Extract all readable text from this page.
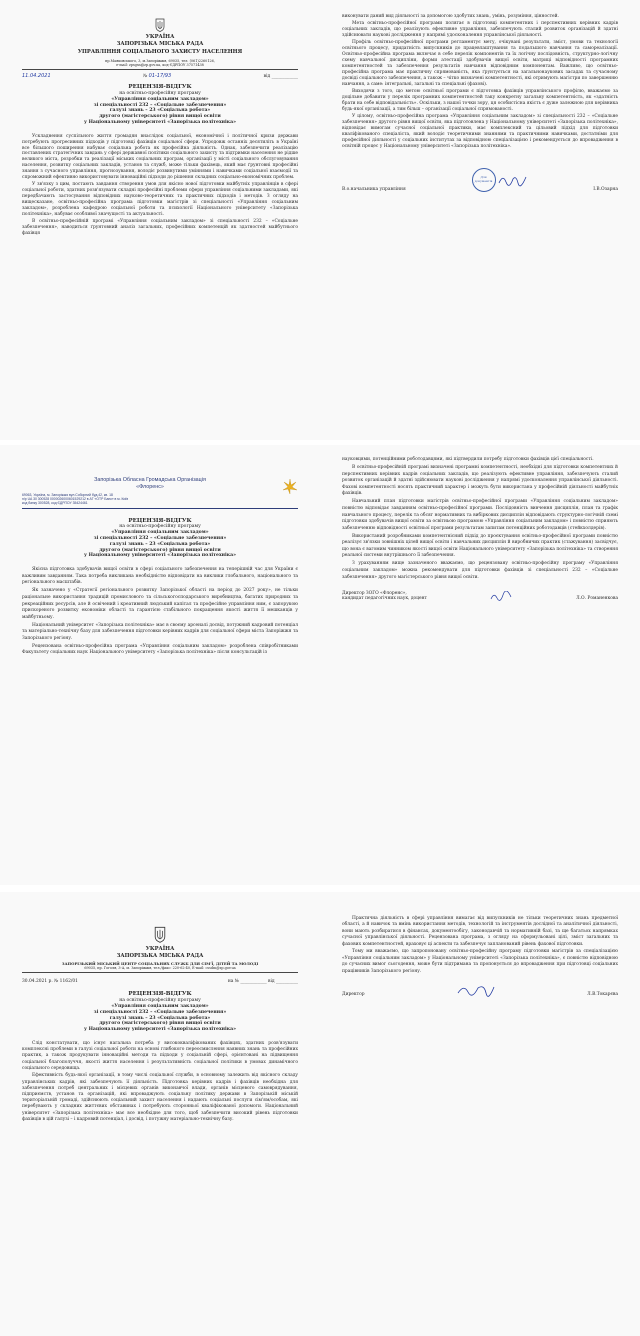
УКРАЇНА
ЗАПОРІЗЬКА МІСЬКА РАДА
УПРАВЛІННЯ СОЦІАЛЬНОГО ЗАХИСТУ НАСЕЛЕННЯ
пр.Маяковського, 3, м.Запоріжжя, 69035, тел. (061)2260126,
e-mail: zpsgsn@zp.gov.ua, код ЄДРПОУ 37571438
11.04.2021	№ 01-17/93	від ____________
РЕЦЕНЗІЯ-ВІДГУК
на освітньо-професійну програму
«Управління соціальним закладом»
зі спеціальності 232 – «Соціальне забезпечення»
галузі знань – 23 «Соціальна робота»
другого (магістерського) рівня вищої освіти
у Національному університеті «Запорізька політехніка»

Ускладнення суспільного життя громадян внаслідок соціальної, економічної і політичної кризи держави потребують прогресивних підходів у підготовці фахівців соціальної сфери. Упродовж останніх десятиліть в Україні все більшого поширення набуває соціальна робота як професійна діяльність. Однак, забезпечити реалізацію поставлених стратегічних завдань у сфері державної політики соціального захисту та підтримки населення не рідше великого міста, розробки та реалізації міських соціальних програм, організації у місті соціального обслуговування населення, розвитку соціальних закладів, установ та служб, може тільки фахівець, який має ґрунтовні професійні знання з сучасного управління, прогнозування, володіє розвинутими уміннями і навичками соціальної взаємодії та спроможний ефективно використовувати інноваційні підходи до рішення складних соціально-економічних проблем.

У зв'язку з цим, постають завдання створення умов для якісно нової підготовки майбутніх управлінців в сфері соціальної роботи, здатних розв'язувати складні професійні проблеми сфери управління соціальними закладами, які передбачають застосування відповідних науково-теоретичних та практичних підходів і методів. З огляду на вищесказане, освітньо-професійна програма підготовки магістрів зі спеціальності «Управління соціальним закладом», розроблена кафедрою соціальної роботи та психології Національного університету «Запорізька політехніка», набуває особливої значущості та актуальності.

В освітньо-професійній програмі «Управління соціальним закладом» зі спеціальності 232 – «Соціальне забезпечення», наводиться ґрунтовний аналіз загальних, професійних компетенцій як здатностей майбутнього фахівця

виконувати даний вид діяльності за допомогою здобутих знань, умінь, розуміння, цінностей.

Мета освітньо-професійної програми полягає в підготовці компетентних і перспективних керівних кадрів соціальних закладів, що реалізують ефективне управління, забезпечують сталий розвиток організацій й здатні здійснювати наукові дослідження у напрямі удосконалення управлінської діяльності.

Профіль освітньо-професійної програми регламентує мету, очікувані результати, зміст, умови та технології освітнього процесу, придатність випускників до працевлаштування та подальшого навчання та самореалізації. Освітньо-професійна програма включає в себе перелік компонентів та їх логічну послідовність, структурно-логічну схему навчальної дисципліни, форми атестації здобувачів вищої освіти, матриці відповідності програмних компетентностей та забезпечення результатів навчання відповідним компонентам. Важливо, що освітньо-професійна програма має практичну спрямованість, яка ґрунтується на загальнонаукових засадах та сучасному досвіді соціального забезпечення, а також – чітко визначені компетентності, які отримують магістри по завершенню навчання, а саме: інтегральні, загальні та спеціальні (фахові).

Виходячи з того, що метою освітньої програми є підготовка фахівців управлінського профілю, вважаємо за доцільне добавити у перелік програмних компетентностей таку конкретну загальну компетентність, як «здатність брати на себе відповідальність». Оскільки, з нашої точки зору, ця особистісна якість є дуже залежною для керівника будь-якої організації, а тим більш – організації соціальної спрямованості.

У цілому, освітньо-професійна програма «Управління соціальним закладом» зі спеціальності 232 – «Соціальне забезпечення» другого рівня вищої освіти, яка підготовлена у Національному університеті «Запорізька політехніка», відповідає вимогам сучасної соціальної практики, має комплексний та цільовий підхід для підготовки кваліфікованого спеціаліста, який володіє теоретичними знаннями та практичними навичками, достатніми для професійної діяльності у соціальних інститутах за відповідною спеціалізацією і рекомендується до впровадження в освітній процес у Національному університеті «Запорізька політехніка».

В.о.начальника управління
Для документів
І.В.Озарна
Запорізька Обласна Громадська Організація
«Флоренс»
69063, Україна, м. Запоріжжя вул.Соборний буд.42, кв. 18
п/р UA 30 300528 0000026000601529212 в AT «OTP Банк» в м. Київ
код банку 300528, код ЄДРПОУ 35424461
РЕЦЕНЗІЯ-ВІДГУК
на освітньо-професійну програму
«Управління соціальним закладом»
зі спеціальності 232 – «Соціальне забезпечення»
галузі знань – 23 «Соціальна робота»
другого (магістерського) рівня вищої освіти
у Національному університеті «Запорізька політехніка»

Якісна підготовка здобувачів вищої освіти в сфері соціального забезпечення на теперішній час для України є важливим завданням. Така потреба викликана необхідністю відповідати на виклики глобального, національного та регіонального масштабів.

Як зазначено у «Стратегії регіонального розвитку Запорізької області на період до 2027 року», не тільки раціональне використання традицій промислового та сільськогосподарського виробництва, багатих природних та рекреаційних ресурсів, але й освічений і креативний людський капітал та професійне управління ним, є запорукою прискореного розвитку економіки області та гарантією стабільного покращення якості життя її мешканців у майбутньому.

Національний університет «Запорізька політехніка» має в своєму арсеналі досвід, потужний кадровий потенціал та матеріально-технічну базу для забезпечення підготовки керівних кадрів для соціальної сфери міста Запоріжжя та Запорізького регіону.

Рецензована освітньо-професійна програма «Управління соціальним закладом» розроблена співробітниками Факультету соціальних наук Національного університету «Запорізька політехніка» після консультацій із

науковцями, потенційними роботодавцями, які підтвердили потребу підготовки фахівців цієї спеціальності.

В освітньо-професійній програмі визначені програмні компетентності, необхідні для підготовки компетентних й перспективних керівних кадрів соціальних закладів, що реалізують ефективне управління, забезпечують сталий розвиток організацій й здатні здійснювати наукові дослідження у напрямі удосконалення управлінської діяльності. Фахові компетентності носять практичний характер і можуть бути використана у професійній діяльності майбутніх фахівців.

Навчальний план підготовки магістрів освітньо-професійної програми «Управління соціальним закладом» повністю відповідає завданням освітньо-професійної програми. Послідовність вивчення дисциплін, план та графік навчального процесу, перелік та обсяг нормативних та вибіркових дисциплін відповідають структурно-логічній схемі підготовки здобувачів вищої освіти за освітньою програмою «Управління соціальним закладом» і повністю сприяють забезпеченню відповідності освітньої програми результатам запитам потенційних роботодавців (стейкхолдерів).

Використаний розробниками компетентнісний підхід до проєктування освітньо-професійної програми повністю реалізує зв'язки зовнішніх цілей вищої освіти і навчальних дисциплін й виробничих практик (стажування) засвідчує, що вона є вагомим чинником якості вищої освіти Національного університету «Запорізька політехніка» та створення реальної системи внутрішнього її забезпечення.

З урахуванням вище зазначеного вважаємо, що рецензовану освітньо-професійну програму «Управління соціальним закладом» можна рекомендувати для підготовки фахівців зі спеціальності 232 – «Соціальне забезпечення» другого магістерського рівня вищої освіти.

Директор ЗОГО «Флоренс»,
кандидат педагогічних наук, доцент	Л.О. Романенкова
УКРАЇНА
ЗАПОРІЗЬКА МІСЬКА РАДА
ЗАПОРІЗЬКИЙ МІСЬКИЙ ЦЕНТР СОЦІАЛЬНИХ СЛУЖБ ДЛЯ СІМ'Ї, ДІТЕЙ ТА МОЛОДІ
69035, пр. Гоголя, 3-А, м. Запоріжжя, тел./факс: 220-62-40, E-mail: cssdm@zp.gov.ua
30.04.2021 р. № 1162/01	на № ____________ від __________
РЕЦЕНЗІЯ-ВІДГУК
на освітньо-професійну програму
«Управління соціальним закладом»
зі спеціальності 232 – «Соціальне забезпечення»
галузі знань – 23 «Соціальна робота»
другого (магістерського) рівня вищої освіти
у Національному університеті «Запорізька політехніка»

Слід констатувати, що існує нагальна потреба у висококваліфікованих фахівцях, здатних розв'язувати комплексні проблеми в галузі соціальної роботи на основі глибокого переосмислення наявних знань та професійних практик, а також продукувати інноваційні методи та підходи у соціальній сфері, орієнтовані на підвищення соціальної благополуччя, якості життя населення і результативність соціальної політики в умовах динамічного соціального середовища.

Ефективність будь-якої організації, в тому числі соціальної служби, в основному залежить від якісного складу управлінських кадрів, які забезпечують її діяльність. Підготовка керівних кадрів і фахівців необхідна для забезпечення потреб центральних і місцевих органів виконавчої влади, органів місцевого самоврядування, підприємств, установ та організацій, які впроваджують соціальну політику держави в Запорізькій міській територіальній громаді, здійснюють соціальний захист населення і надають соціальні послуги сім'ям/особам, які перебувають у складних життєвих обставинах і потребують сторонньої кваліфікованої допомоги. Національний університет «Запорізька політехніка» має все необхідне для того, щоб забезпечити високий рівень підготовки фахівців в цій галузі – і кадровий потенціал, і досвід, і потужну матеріально-технічну базу.

Практична діяльність в сфері управління вимагає від випускників не тільки теоретичних знань предметної області, а й навичок та вмінь використання методів, технологій та інструментів дослідної та аналітичної діяльності, вони мають розбиратися в фінансах, документообігу, законодавчій та нормативній базі, та ще багатьох напрямках сучасної управлінської діяльності. Рецензована програма, з огляду на сформульовані цілі, зміст загальних та фахових компетентностей, враховує ці аспекти та забезпечує запланований рівень фахової підготовки.

Тому ми вважаємо, що запропоновану освітньо-професійну програму підготовки магістрів за спеціалізацією «Управління соціальним закладом» у Національному університеті «Запорізька політехніка», є повністю відповідною до сучасних вимог сьогодення, може бути підтримана та пропонується до впровадження при підготовці соціальних працівників Запорізького регіону.

Директор	Л.В.Токарєва
